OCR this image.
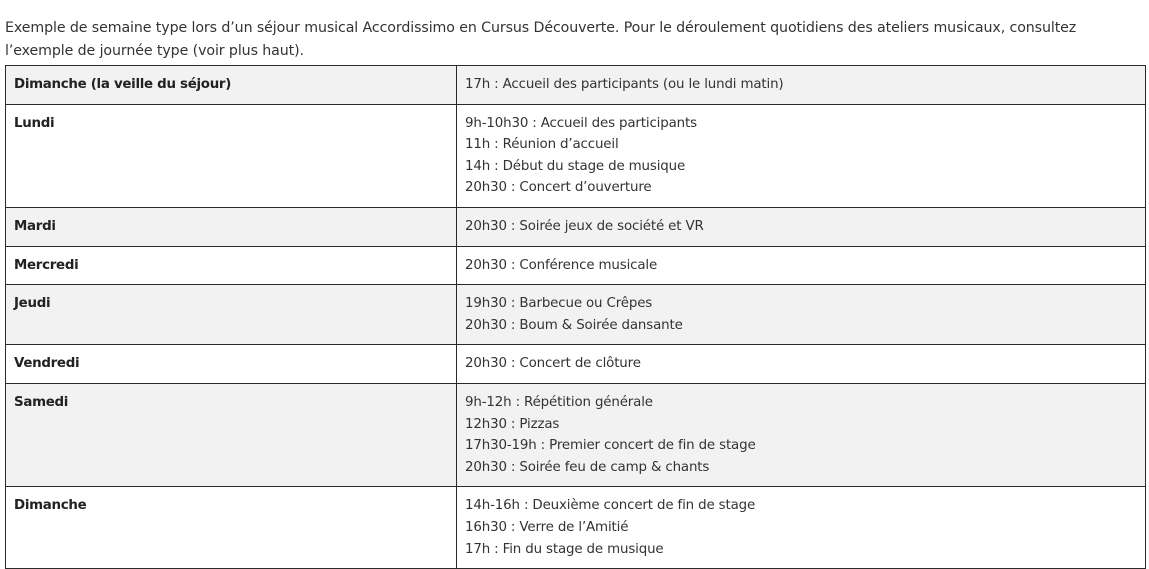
Exemple de semaine type lors d’un séjour musical Accordissimo en Cursus Découverte. Pour le déroulement quotidiens des ateliers musicaux, consultez l’exemple de journée type (voir plus haut).

Dimanche (la veille du séjour)	17h : Accueil des participants (ou le lundi matin)

Lundi	9h-10h30 : Accueil des participants
11h : Réunion d’accueil
14h : Début du stage de musique
20h30 : Concert d’ouverture

Mardi	20h30 : Soirée jeux de société et VR

Mercredi	20h30 : Conférence musicale

Jeudi	19h30 : Barbecue ou Crêpes
20h30 : Boum & Soirée dansante

Vendredi	20h30 : Concert de clôture

Samedi	9h-12h : Répétition générale
12h30 : Pizzas
17h30-19h : Premier concert de fin de stage
20h30 : Soirée feu de camp & chants

Dimanche	14h-16h : Deuxième concert de fin de stage
16h30 : Verre de l’Amitié
17h : Fin du stage de musique
